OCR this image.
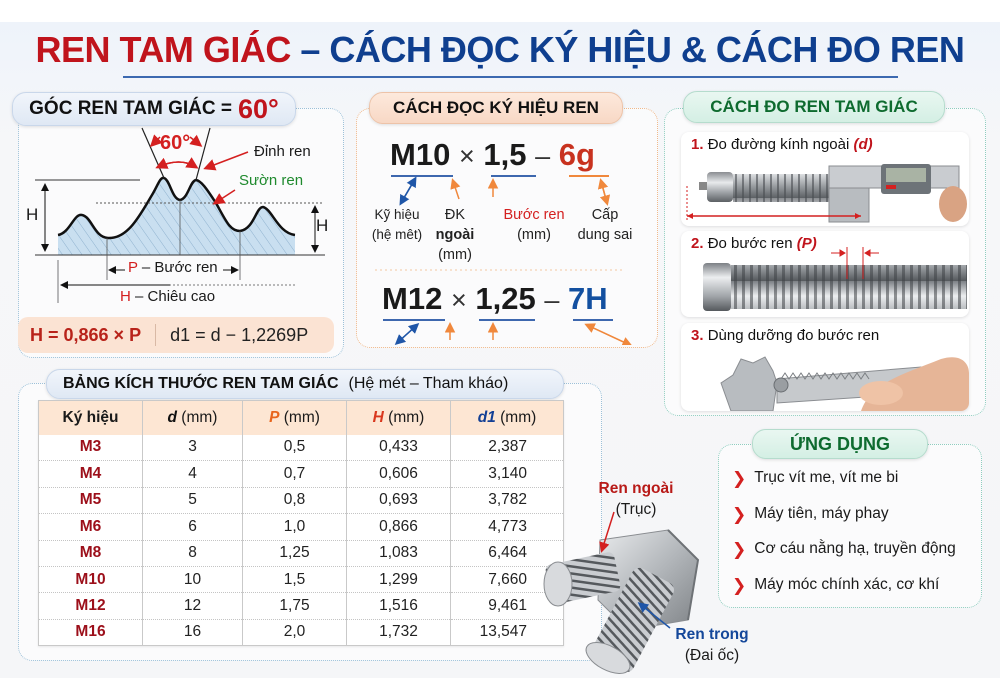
REN TAM GIÁC – CÁCH ĐỌC KÝ HIỆU & CÁCH ĐO REN
GÓC REN TAM GIÁC = 60°
60°	Đỉnh ren
Sườn ren
H
H
P – Bước ren
H – Chiêu cao
H = 0,866 × P d1 = d − 1,2269P
CÁCH ĐỌC KÝ HIỆU REN
M10 × 1,5 – 6g
Kỹ hiệu
(hệ mêt)
ĐK
ngoài
(mm)
Bước ren
(mm)
Cấp
dung sai
M12 × 1,25 – 7H
CÁCH ĐO REN TAM GIÁC
1. Đo đường kính ngoài (d)
2. Đo bước ren (P)
3. Dùng dưỡng đo bước ren
ỨNG DỤNG
❯ Trục vít me, vít me bi
❯ Máy tiên, máy phay
❯ Cơ cáu nằng hạ, truyền động
❯ Máy móc chính xác, cơ khí
BẢNG KÍCH THƯỚC REN TAM GIÁC (Hệ mét – Tham kháo)
Ký hiệu	d (mm)	P (mm)	H (mm)	d1 (mm)
M3	3	0,5	0,433	2,387
M4	4	0,7	0,606	3,140
M5	5	0,8	0,693	3,782
M6	6	1,0	0,866	4,773
M8	8	1,25	1,083	6,464
M10	10	1,5	1,299	7,660
M12	12	1,75	1,516	9,461
M16	16	2,0	1,732	13,547
Ren ngoài
(Trục)
Ren trong
(Đai ốc)
